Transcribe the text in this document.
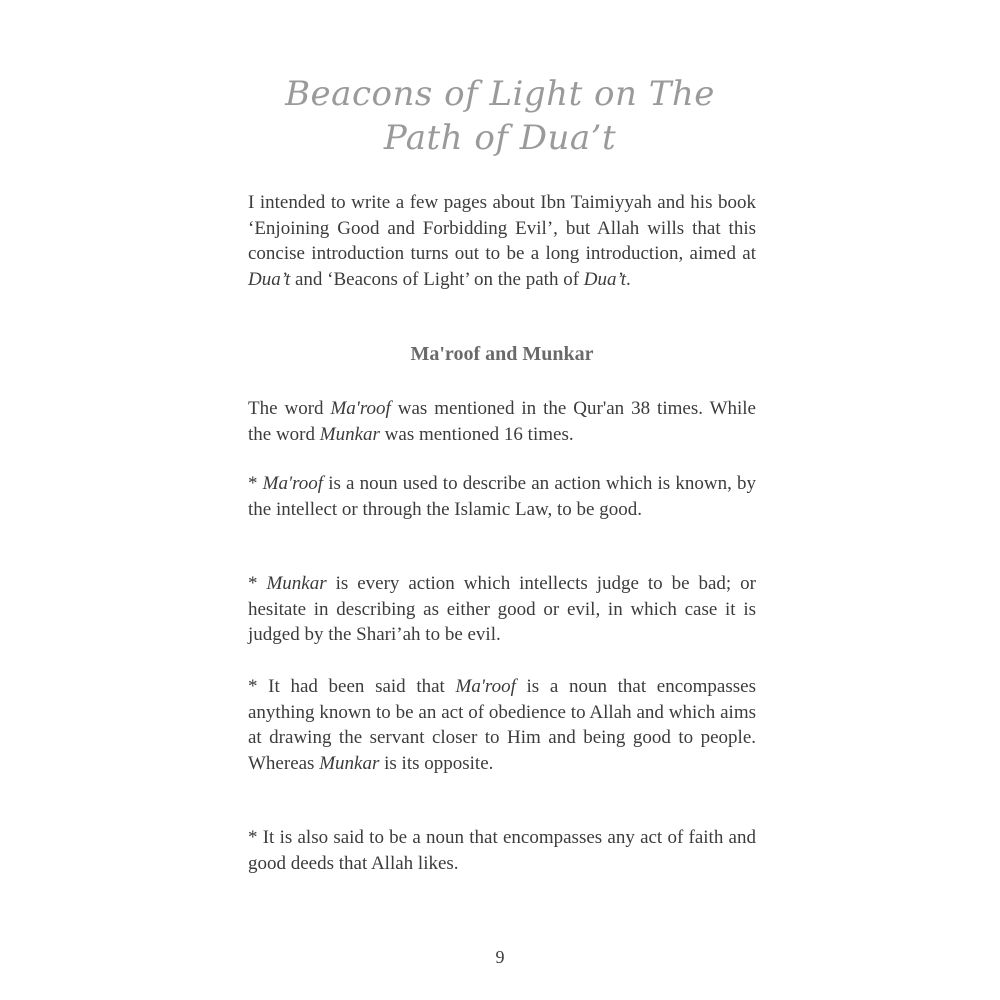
Beacons of Light on The
Path of Dua’t

I intended to write a few pages about Ibn Taimiyyah and his book ‘Enjoining Good and Forbidding Evil’, but Allah wills that this concise introduction turns out to be a long introduction, aimed at Dua’t and ‘Beacons of Light’ on the path of Dua’t.

Ma'roof and Munkar

The word Ma'roof was mentioned in the Qur'an 38 times. While the word Munkar was mentioned 16 times.

* Ma'roof is a noun used to describe an action which is known, by the intellect or through the Islamic Law, to be good.

* Munkar is every action which intellects judge to be bad; or hesitate in describing as either good or evil, in which case it is judged by the Shari’ah to be evil.

* It had been said that Ma'roof is a noun that encompasses anything known to be an act of obedience to Allah and which aims at drawing the servant closer to Him and being good to people. Whereas Munkar is its opposite.

* It is also said to be a noun that encompasses any act of faith and good deeds that Allah likes.

9
